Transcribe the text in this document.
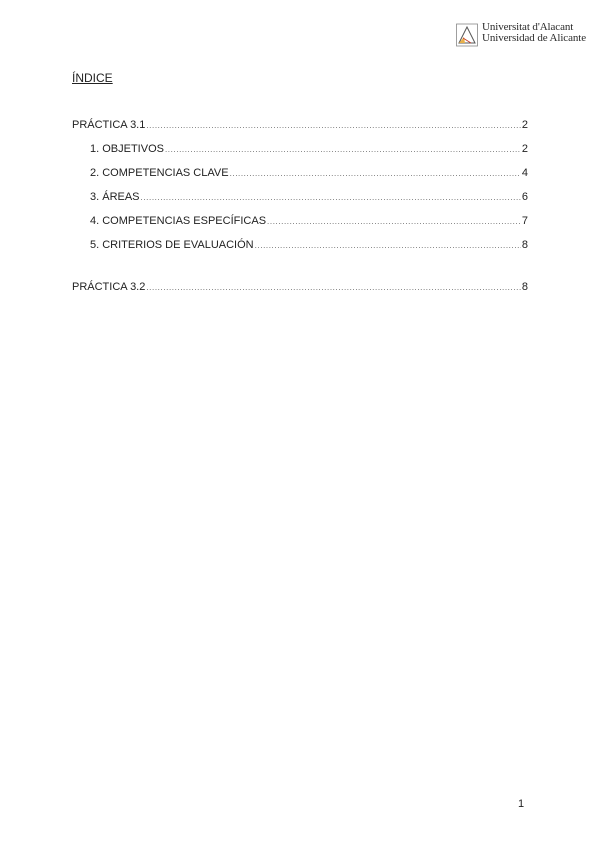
Universitat d'Alacant
Universidad de Alicante
ÍNDICE
PRÁCTICA 3.1 .....	2
1. OBJETIVOS .....	2
2. COMPETENCIAS CLAVE .....	4
3. ÁREAS .....	6
4. COMPETENCIAS ESPECÍFICAS .....	7
5. CRITERIOS DE EVALUACIÓN .....	8
PRÁCTICA 3.2 .....	8
1
